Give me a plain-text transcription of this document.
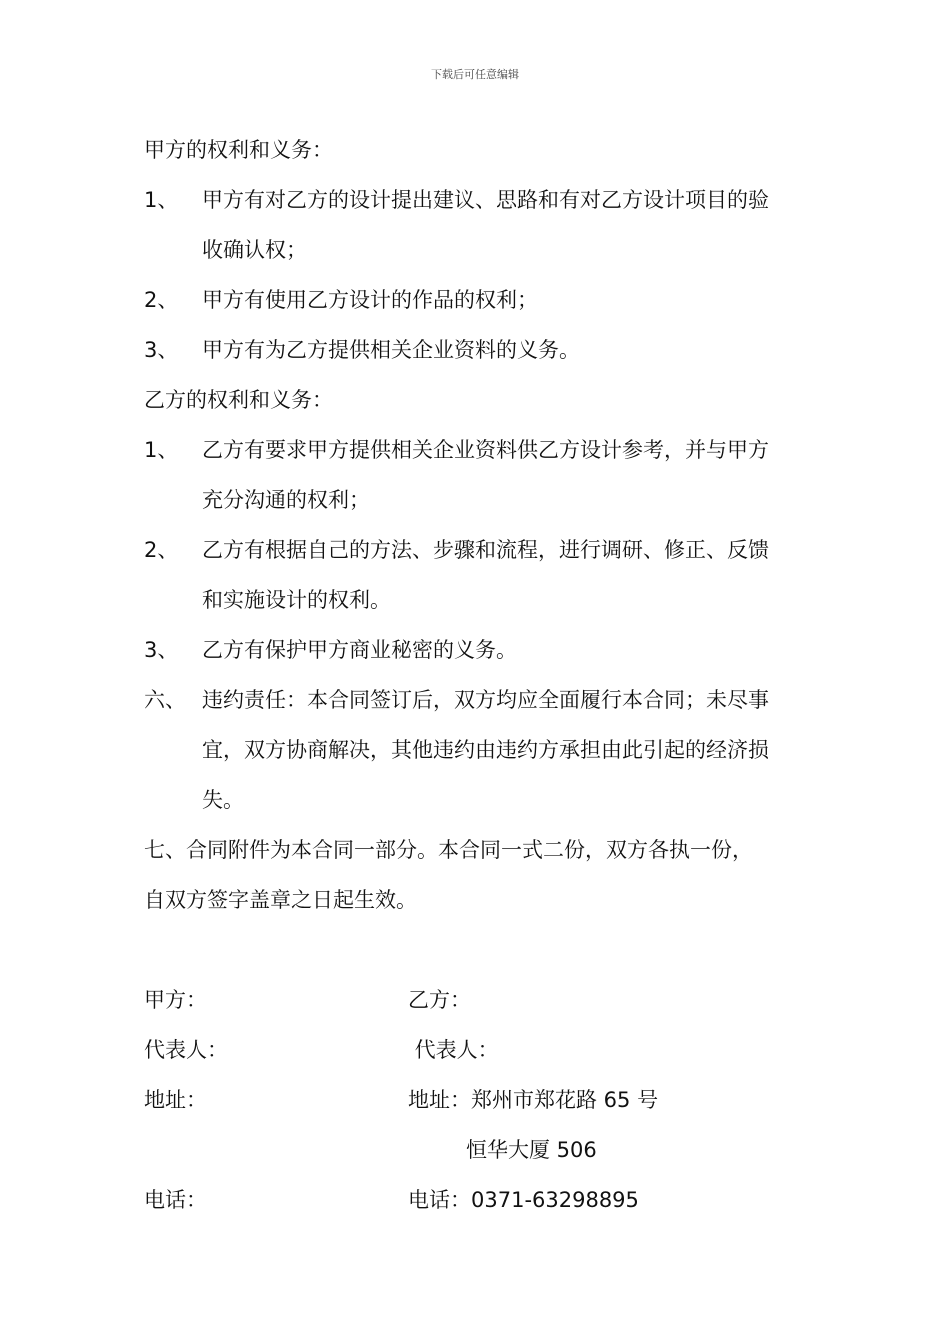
下载后可任意编辑
甲方的权利和义务：
1、 甲方有对乙方的设计提出建议、思路和有对乙方设计项目的验
收确认权；
2、 甲方有使用乙方设计的作品的权利；
3、 甲方有为乙方提供相关企业资料的义务。
乙方的权利和义务：
1、 乙方有要求甲方提供相关企业资料供乙方设计参考，并与甲方
充分沟通的权利；
2、 乙方有根据自己的方法、步骤和流程，进行调研、修正、反馈
和实施设计的权利。
3、 乙方有保护甲方商业秘密的义务。
六、 违约责任：本合同签订后，双方均应全面履行本合同；未尽事
宜，双方协商解决，其他违约由违约方承担由此引起的经济损
失。
七、合同附件为本合同一部分。本合同一式二份，双方各执一份，
自双方签字盖章之日起生效。
甲方：	乙方：
代表人：	代表人：
地址：	地址：郑州市郑花路 65 号
恒华大厦 506
电话：	电话：0371-63298895
